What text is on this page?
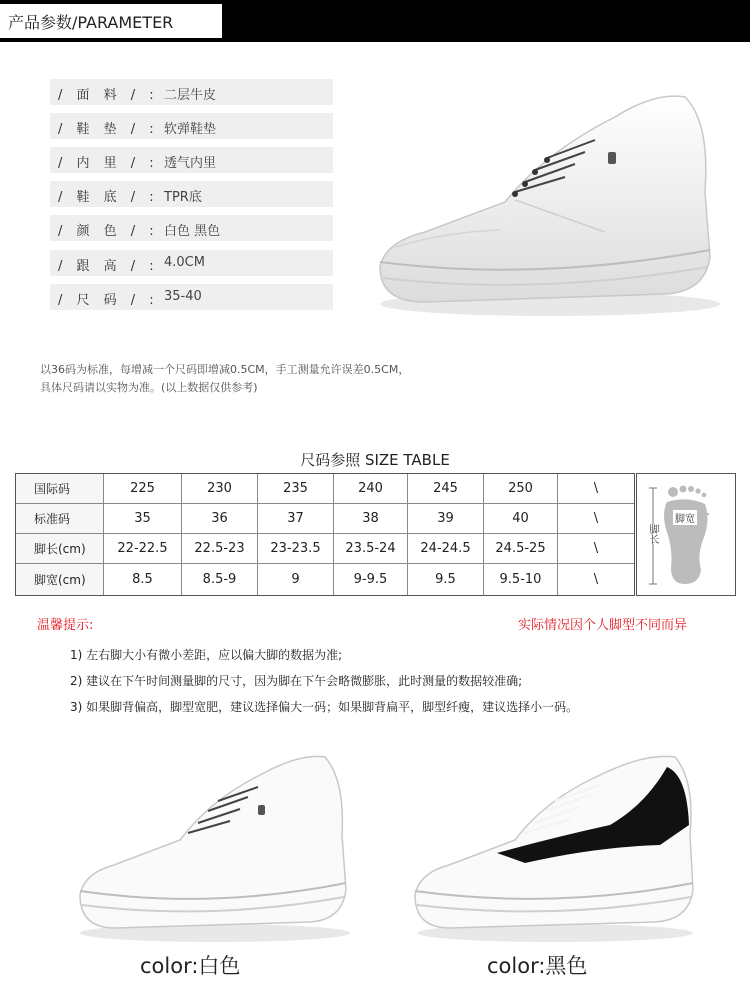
产品参数/PARAMETER
/ 面 料 / : 二层牛皮
/ 鞋 垫 / : 软弹鞋垫
/ 内 里 / : 透气内里
/ 鞋 底 / : TPR底
/ 颜 色 / : 白色 黑色
/ 跟 高 / : 4.0CM
/ 尺 码 / : 35-40
以36码为标准，每增减一个尺码即增减0.5CM，手工测量允许误差0.5CM，
具体尺码请以实物为准。(以上数据仅供参考)
尺码参照 SIZE TABLE
国际码	225	230	235	240	245	250	\
标准码	35	36	37	38	39	40	\
脚长(cm)	22-22.5	22.5-23	23-23.5	23.5-24	24-24.5	24.5-25	\
脚宽(cm)	8.5	8.5-9	9	9-9.5	9.5	9.5-10	\
脚宽
脚长
温馨提示:	实际情况因个人脚型不同而异
1) 左右脚大小有微小差距，应以偏大脚的数据为准;
2) 建议在下午时间测量脚的尺寸，因为脚在下午会略微膨胀，此时测量的数据较准确;
3) 如果脚背偏高，脚型宽肥，建议选择偏大一码；如果脚背扁平，脚型纤瘦，建议选择小一码。
color:白色	color:黑色
